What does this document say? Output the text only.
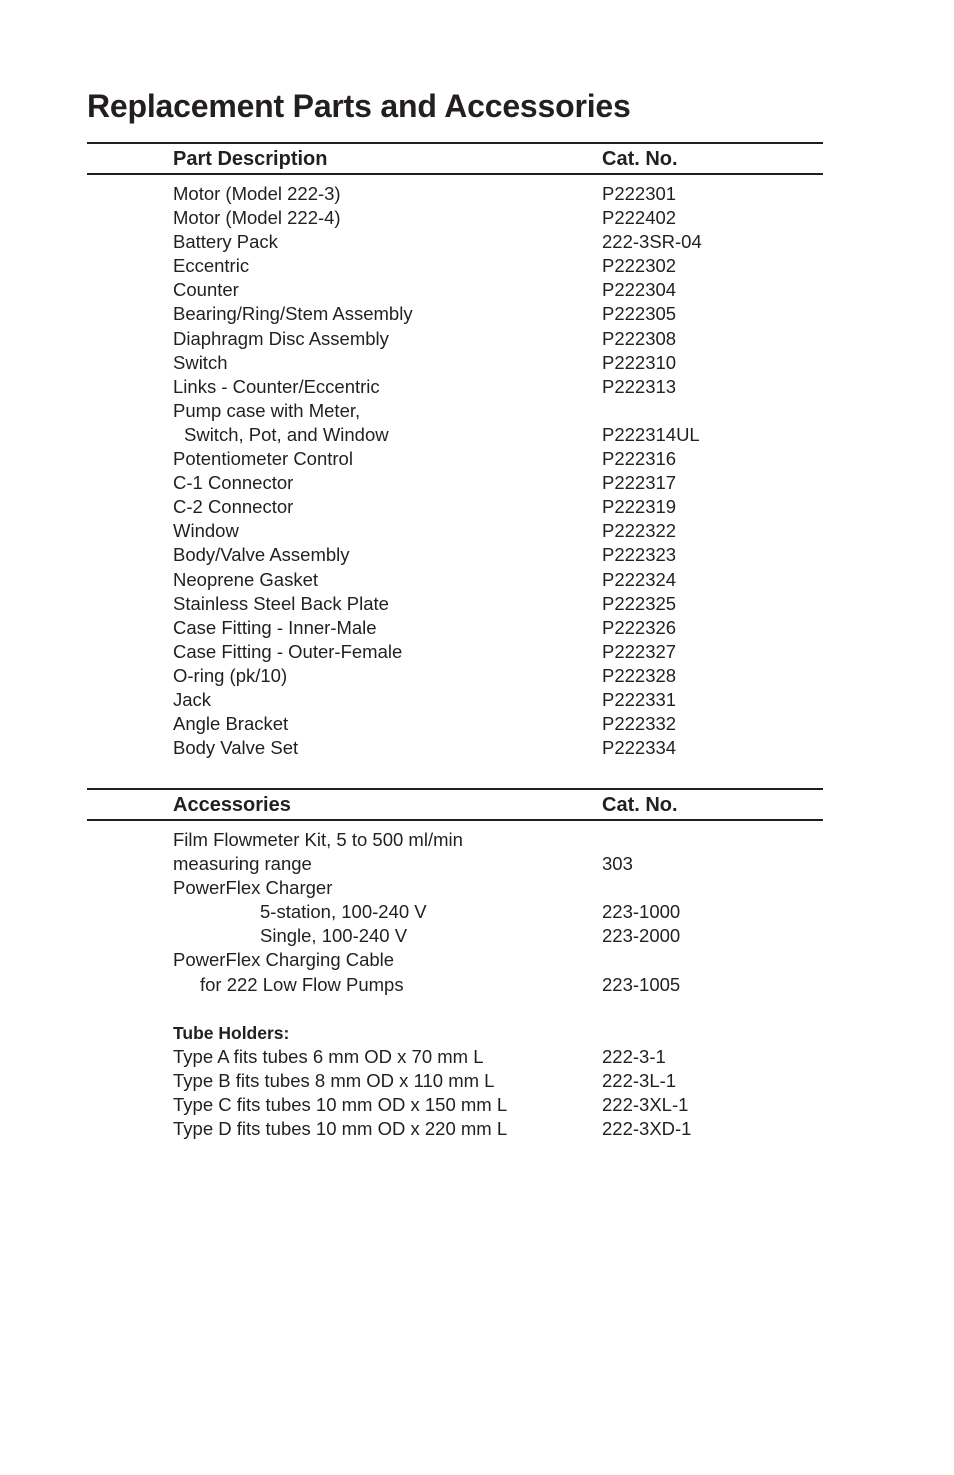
Replacement Parts and Accessories
Part Description	Cat. No.
Motor (Model 222-3)	P222301
Motor (Model 222-4)	P222402
Battery Pack	222-3SR-04
Eccentric	P222302
Counter	P222304
Bearing/Ring/Stem Assembly	P222305
Diaphragm Disc Assembly	P222308
Switch	P222310
Links - Counter/Eccentric	P222313
Pump case with Meter,
Switch, Pot, and Window	P222314UL
Potentiometer Control	P222316
C-1 Connector	P222317
C-2 Connector	P222319
Window	P222322
Body/Valve Assembly	P222323
Neoprene Gasket	P222324
Stainless Steel Back Plate	P222325
Case Fitting - Inner-Male	P222326
Case Fitting - Outer-Female	P222327
O-ring (pk/10)	P222328
Jack	P222331
Angle Bracket	P222332
Body Valve Set	P222334
Accessories	Cat. No.
Film Flowmeter Kit, 5 to 500 ml/min
measuring range	303
PowerFlex Charger
5-station, 100-240 V	223-1000
Single, 100-240 V	223-2000
PowerFlex Charging Cable
for 222 Low Flow Pumps	223-1005
Tube Holders:
Type A fits tubes 6 mm OD x 70 mm L	222-3-1
Type B fits tubes 8 mm OD x 110 mm L	222-3L-1
Type C fits tubes 10 mm OD x 150 mm L	222-3XL-1
Type D fits tubes 10 mm OD x 220 mm L	222-3XD-1
